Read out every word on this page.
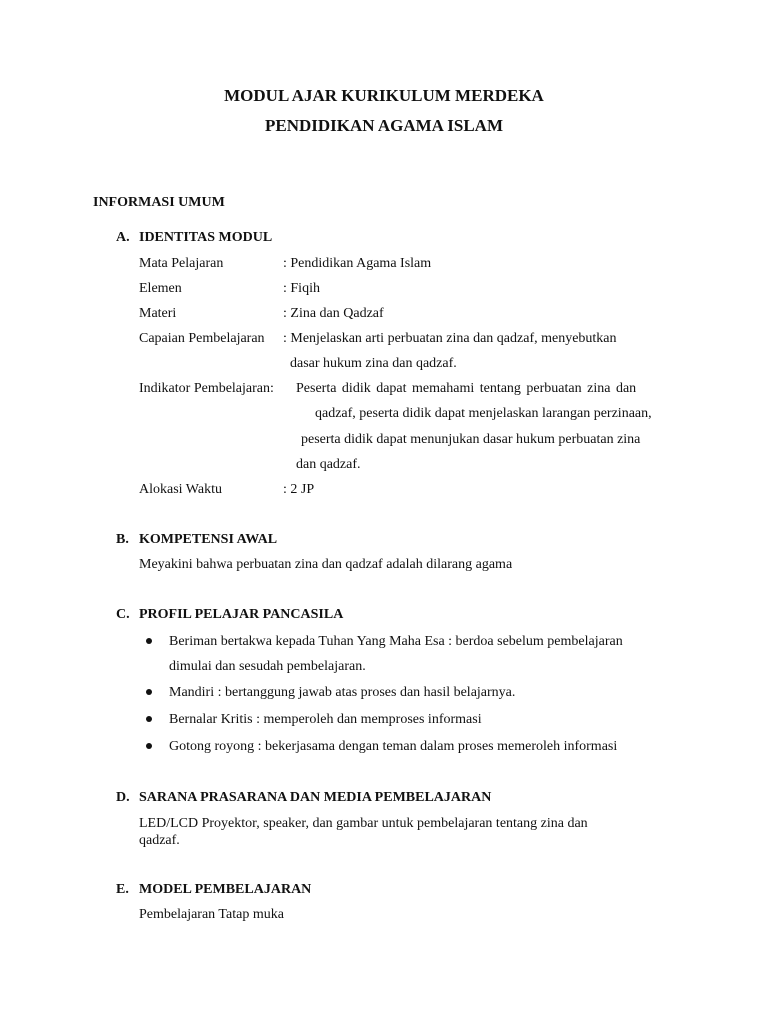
MODUL AJAR KURIKULUM MERDEKA
PENDIDIKAN AGAMA ISLAM
INFORMASI UMUM
A. IDENTITAS MODUL
Mata Pelajaran	: Pendidikan Agama Islam
Elemen	: Fiqih
Materi	: Zina dan Qadzaf
Capaian Pembelajaran : Menjelaskan arti perbuatan zina dan qadzaf, menyebutkan
dasar hukum zina dan qadzaf.
Indikator Pembelajaran: Peserta didik dapat memahami tentang perbuatan zina dan
qadzaf, peserta didik dapat menjelaskan larangan perzinaan,
peserta didik dapat menunjukan dasar hukum perbuatan zina
dan qadzaf.
Alokasi Waktu	: 2 JP
B. KOMPETENSI AWAL
Meyakini bahwa perbuatan zina dan qadzaf adalah dilarang agama
C. PROFIL PELAJAR PANCASILA
Beriman bertakwa kepada Tuhan Yang Maha Esa : berdoa sebelum pembelajaran
dimulai dan sesudah pembelajaran.
Mandiri : bertanggung jawab atas proses dan hasil belajarnya.
Bernalar Kritis : memperoleh dan memproses informasi
Gotong royong : bekerjasama dengan teman dalam proses memeroleh informasi
D. SARANA PRASARANA DAN MEDIA PEMBELAJARAN
LED/LCD Proyektor, speaker, dan gambar untuk pembelajaran tentang zina dan
qadzaf.
E. MODEL PEMBELAJARAN
Pembelajaran Tatap muka
